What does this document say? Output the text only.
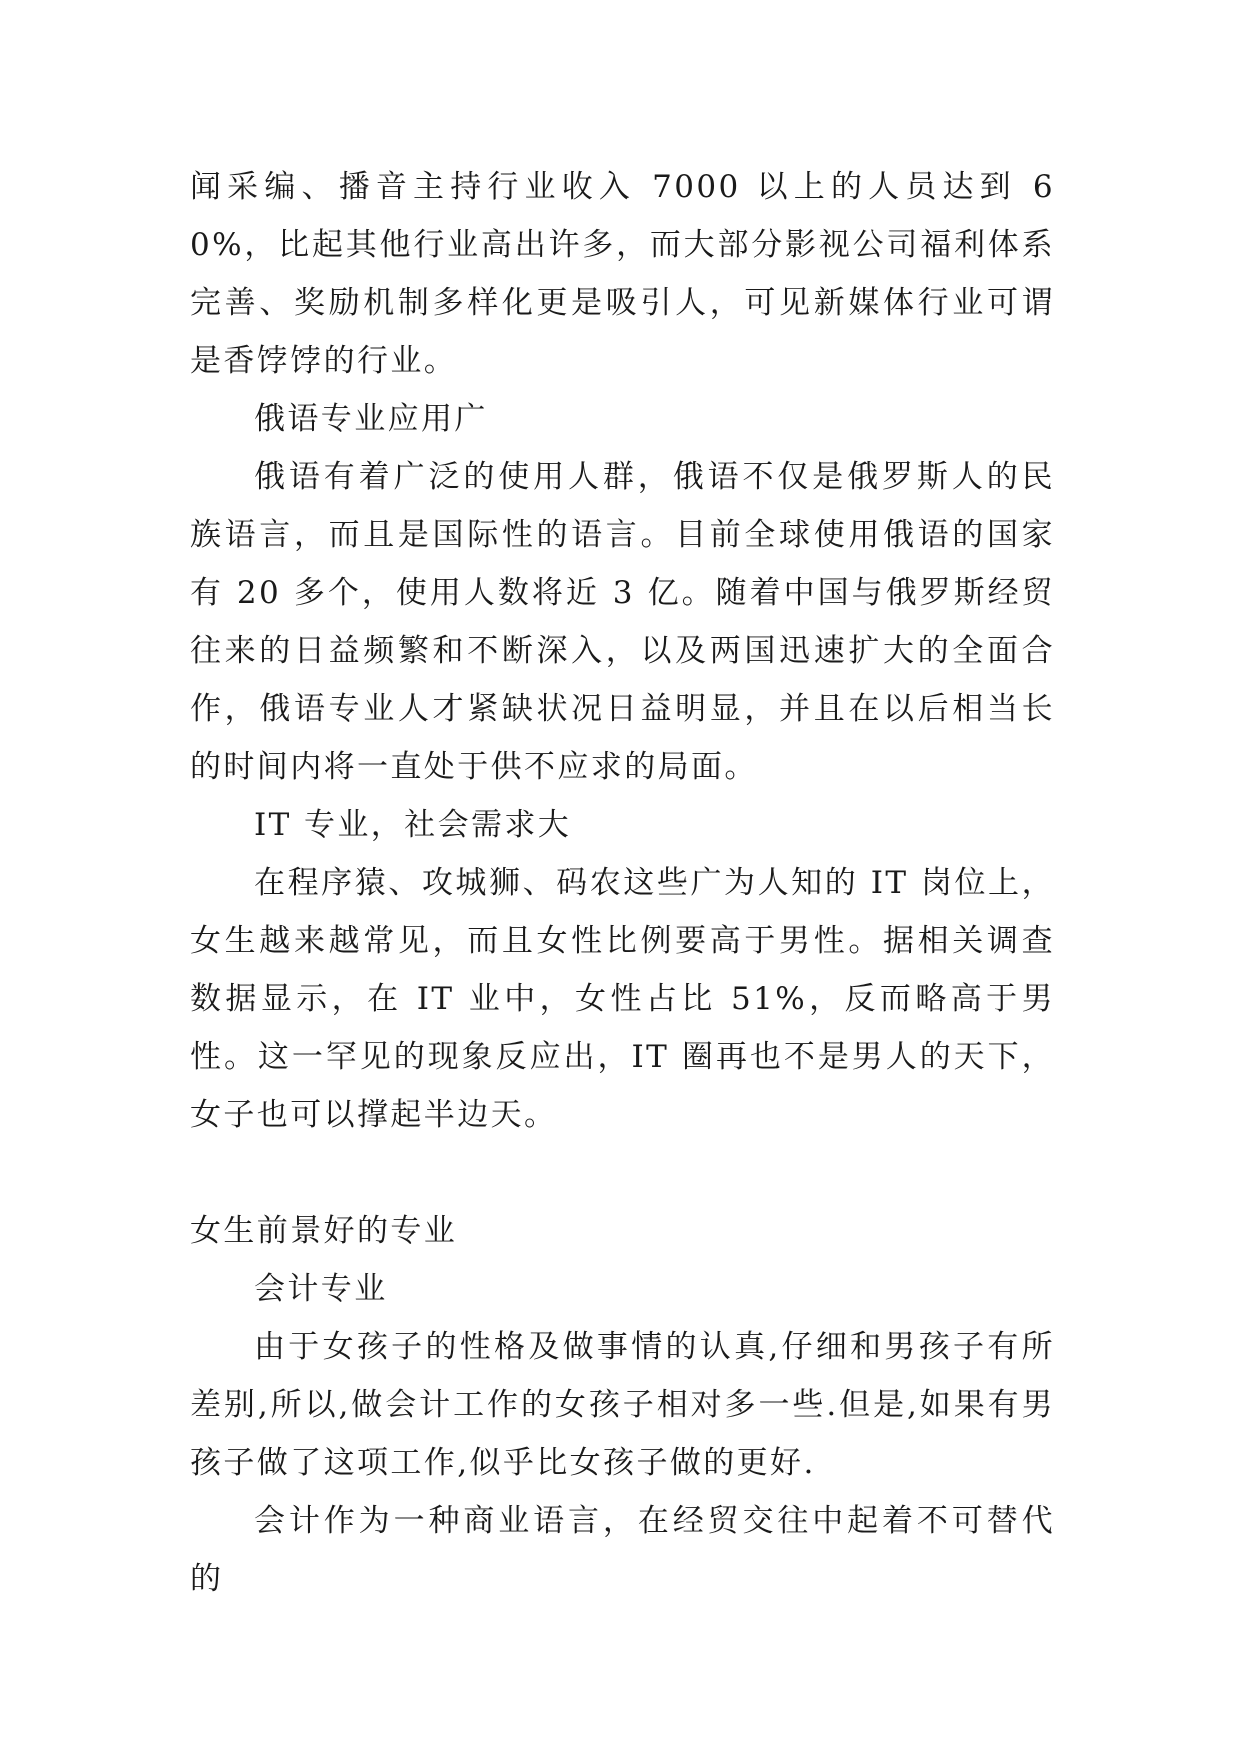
闻采编、播音主持行业收入 7000 以上的人员达到 60%，比起其他行业高出许多，而大部分影视公司福利体系完善、奖励机制多样化更是吸引人，可见新媒体行业可谓是香饽饽的行业。

俄语专业应用广

俄语有着广泛的使用人群，俄语不仅是俄罗斯人的民族语言，而且是国际性的语言。目前全球使用俄语的国家有 20 多个，使用人数将近 3 亿。随着中国与俄罗斯经贸往来的日益频繁和不断深入，以及两国迅速扩大的全面合作，俄语专业人才紧缺状况日益明显，并且在以后相当长的时间内将一直处于供不应求的局面。

IT 专业，社会需求大

在程序猿、攻城狮、码农这些广为人知的 IT 岗位上，女生越来越常见，而且女性比例要高于男性。据相关调查数据显示，在 IT 业中，女性占比 51%，反而略高于男性。这一罕见的现象反应出，IT 圈再也不是男人的天下，女子也可以撑起半边天。

女生前景好的专业

会计专业

由于女孩子的性格及做事情的认真,仔细和男孩子有所差别,所以,做会计工作的女孩子相对多一些.但是,如果有男孩子做了这项工作,似乎比女孩子做的更好.

会计作为一种商业语言，在经贸交往中起着不可替代的
